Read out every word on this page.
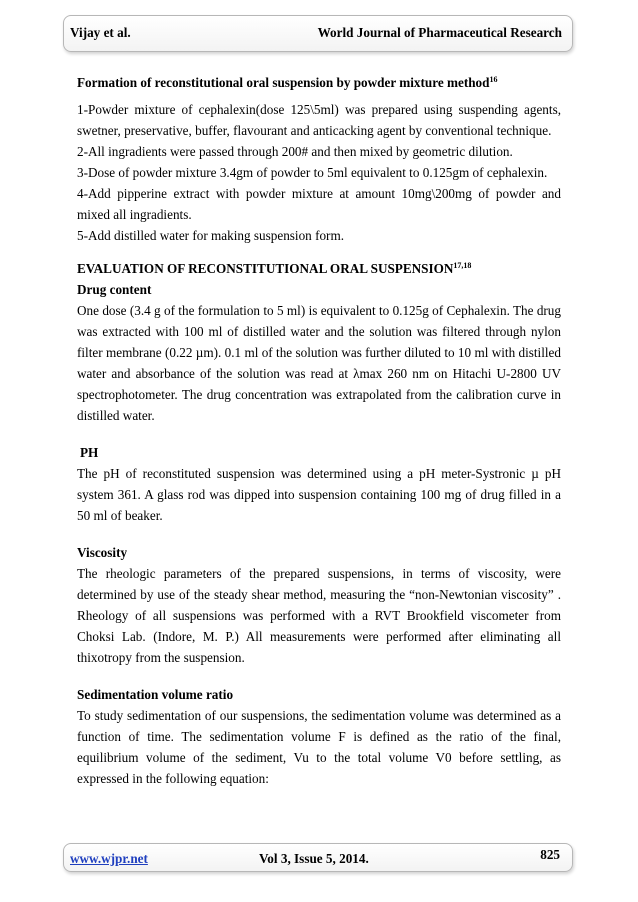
Vijay et al.	World Journal of Pharmaceutical Research

Formation of reconstitutional oral suspension by powder mixture method$^{16}$

1-Powder mixture of cephalexin(dose 125\5ml) was prepared using suspending agents, swetner, preservative, buffer, flavourant and anticacking agent by conventional technique.

2-All ingradients were passed through 200# and then mixed by geometric dilution.

3-Dose of powder mixture 3.4gm of powder to 5ml equivalent to 0.125gm of cephalexin.

4-Add pipperine extract with powder mixture at amount 10mg\200mg of powder and mixed all ingradients.

5-Add distilled water for making suspension form.

EVALUATION OF RECONSTITUTIONAL ORAL SUSPENSION$^{17,18}$

Drug content

One dose (3.4 g of the formulation to 5 ml) is equivalent to 0.125g of Cephalexin. The drug was extracted with 100 ml of distilled water and the solution was filtered through nylon filter membrane (0.22 µm). 0.1 ml of the solution was further diluted to 10 ml with distilled water and absorbance of the solution was read at λmax 260 nm on Hitachi U-2800 UV spectrophotometer. The drug concentration was extrapolated from the calibration curve in distilled water.

PH

The pH of reconstituted suspension was determined using a pH meter-Systronic µ pH system 361. A glass rod was dipped into suspension containing 100 mg of drug filled in a 50 ml of beaker.

Viscosity

The rheologic parameters of the prepared suspensions, in terms of viscosity, were determined by use of the steady shear method, measuring the “non-Newtonian viscosity” . Rheology of all suspensions was performed with a RVT Brookfield viscometer from Choksi Lab. (Indore, M. P.) All measurements were performed after eliminating all thixotropy from the suspension.

Sedimentation volume ratio

To study sedimentation of our suspensions, the sedimentation volume was determined as a function of time. The sedimentation volume F is defined as the ratio of the final, equilibrium volume of the sediment, Vu to the total volume V0 before settling, as expressed in the following equation:

www.wjpr.net	Vol 3, Issue 5, 2014.	825
